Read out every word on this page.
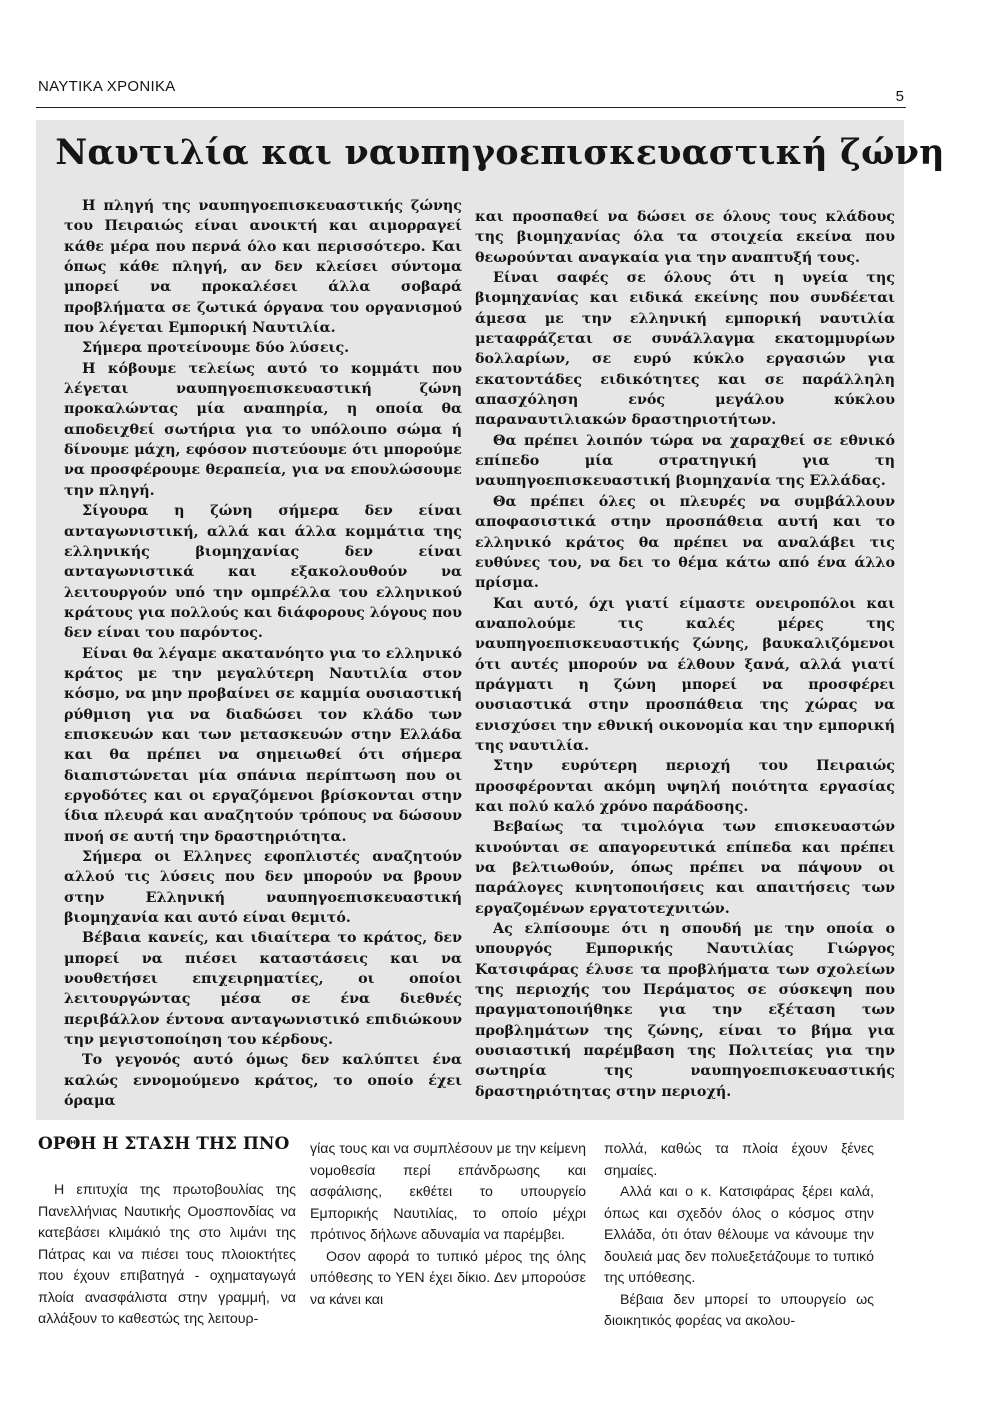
ΝΑΥΤΙΚΑ ΧΡΟΝΙΚΑ
5
Ναυτιλία και ναυπηγοεπισκευαστική ζώνη

Η πληγή της ναυπηγοεπισκευαστικής ζώνης του Πειραιώς είναι ανοικτή και αιμορραγεί κάθε μέρα που περνά όλο και περισσότερο. Και όπως κάθε πληγή, αν δεν κλείσει σύντομα μπορεί να προκαλέσει άλλα σοβαρά προβλήματα σε ζωτικά όργανα του οργανισμού που λέγεται Εμπορική Ναυτιλία.

Σήμερα προτείνουμε δύο λύσεις.

Η κόβουμε τελείως αυτό το κομμάτι που λέγεται ναυπηγοεπισκευαστική ζώνη προκαλώντας μία αναπηρία, η οποία θα αποδειχθεί σωτήρια για το υπόλοιπο σώμα ή δίνουμε μάχη, εφόσον πιστεύουμε ότι μπορούμε να προσφέρουμε θεραπεία, για να επουλώσουμε την πληγή.

Σίγουρα η ζώνη σήμερα δεν είναι ανταγωνιστική, αλλά και άλλα κομμάτια της ελληνικής βιομηχανίας δεν είναι ανταγωνιστικά και εξακολουθούν να λειτουργούν υπό την ομπρέλλα του ελληνικού κράτους για πολλούς και διάφορους λόγους που δεν είναι του παρόντος.

Είναι θα λέγαμε ακατανόητο για το ελληνικό κράτος με την μεγαλύτερη Ναυτιλία στον κόσμο, να μην προβαίνει σε καμμία ουσιαστική ρύθμιση για να διαδώσει τον κλάδο των επισκευών και των μετασκευών στην Ελλάδα και θα πρέπει να σημειωθεί ότι σήμερα διαπιστώνεται μία σπάνια περίπτωση που οι εργοδότες και οι εργαζόμενοι βρίσκονται στην ίδια πλευρά και αναζητούν τρόπους να δώσουν πνοή σε αυτή την δραστηριότητα.

Σήμερα οι Ελληνες εφοπλιστές αναζητούν αλλού τις λύσεις που δεν μπορούν να βρουν στην Ελληνική ναυπηγοεπισκευαστική βιομηχανία και αυτό είναι θεμιτό.

Βέβαια κανείς, και ιδιαίτερα το κράτος, δεν μπορεί να πιέσει καταστάσεις και να νουθετήσει επιχειρηματίες, οι οποίοι λειτουργώντας μέσα σε ένα διεθνές περιβάλλον έντονα ανταγωνιστικό επιδιώκουν την μεγιστοποίηση του κέρδους.

Το γεγονός αυτό όμως δεν καλύπτει ένα καλώς εννομούμενο κράτος, το οποίο έχει όραμα

και προσπαθεί να δώσει σε όλους τους κλάδους της βιομηχανίας όλα τα στοιχεία εκείνα που θεωρούνται αναγκαία για την αναπτυξή τους.

Είναι σαφές σε όλους ότι η υγεία της βιομηχανίας και ειδικά εκείνης που συνδέεται άμεσα με την ελληνική εμπορική ναυτιλία μεταφράζεται σε συνάλλαγμα εκατομμυρίων δολλαρίων, σε ευρύ κύκλο εργασιών για εκατοντάδες ειδικότητες και σε παράλληλη απασχόληση ενός μεγάλου κύκλου παραναυτιλιακών δραστηριοτήτων.

Θα πρέπει λοιπόν τώρα να χαραχθεί σε εθνικό επίπεδο μία στρατηγική για τη ναυπηγοεπισκευαστική βιομηχανία της Ελλάδας.

Θα πρέπει όλες οι πλευρές να συμβάλλουν αποφασιστικά στην προσπάθεια αυτή και το ελληνικό κράτος θα πρέπει να αναλάβει τις ευθύνες του, να δει το θέμα κάτω από ένα άλλο πρίσμα.

Και αυτό, όχι γιατί είμαστε ονειροπόλοι και αναπολούμε τις καλές μέρες της ναυπηγοεπισκευαστικής ζώνης, βαυκαλιζόμενοι ότι αυτές μπορούν να έλθουν ξανά, αλλά γιατί πράγματι η ζώνη μπορεί να προσφέρει ουσιαστικά στην προσπάθεια της χώρας να ενισχύσει την εθνική οικονομία και την εμπορική της ναυτιλία.

Στην ευρύτερη περιοχή του Πειραιώς προσφέρονται ακόμη υψηλή ποιότητα εργασίας και πολύ καλό χρόνο παράδοσης.

Βεβαίως τα τιμολόγια των επισκευαστών κινούνται σε απαγορευτικά επίπεδα και πρέπει να βελτιωθούν, όπως πρέπει να πάψουν οι παράλογες κινητοποιήσεις και απαιτήσεις των εργαζομένων εργατοτεχνιτών.

Ας ελπίσουμε ότι η σπουδή με την οποία ο υπουργός Εμπορικής Ναυτιλίας Γιώργος Κατσιφάρας έλυσε τα προβλήματα των σχολείων της περιοχής του Περάματος σε σύσκεψη που πραγματοποιήθηκε για την εξέταση των προβλημάτων της ζώνης, είναι το βήμα για ουσιαστική παρέμβαση της Πολιτείας για την σωτηρία της ναυπηγοεπισκευαστικής δραστηριότητας στην περιοχή.

ΟΡΘΗ Η ΣΤΑΣΗ ΤΗΣ ΠΝΟ

Η επιτυχία της πρωτοβουλίας της Πανελλήνιας Ναυτικής Ομοσπονδίας να κατεβάσει κλιμάκιό της στο λιμάνι της Πάτρας και να πιέσει τους πλοιοκτήτες που έχουν επιβατηγά - οχηματαγωγά πλοία ανασφάλιστα στην γραμμή, να αλλάξουν το καθεστώς της λειτουρ-

γίας τους και να συμπλέσουν με την κείμενη νομοθεσία περί επάνδρωσης και ασφάλισης, εκθέτει το υπουργείο Εμπορικής Ναυτιλίας, το οποίο μέχρι πρότινος δήλωνε αδυναμία να παρέμβει.

Οσον αφορά το τυπικό μέρος της όλης υπόθεσης το ΥΕΝ έχει δίκιο. Δεν μπορούσε να κάνει και

πολλά, καθώς τα πλοία έχουν ξένες σημαίες.

Αλλά και ο κ. Κατσιφάρας ξέρει καλά, όπως και σχεδόν όλος ο κόσμος στην Ελλάδα, ότι όταν θέλουμε να κάνουμε την δουλειά μας δεν πολυεξετάζουμε το τυπικό της υπόθεσης.

Βέβαια δεν μπορεί το υπουργείο ως διοικητικός φορέας να ακολου-
